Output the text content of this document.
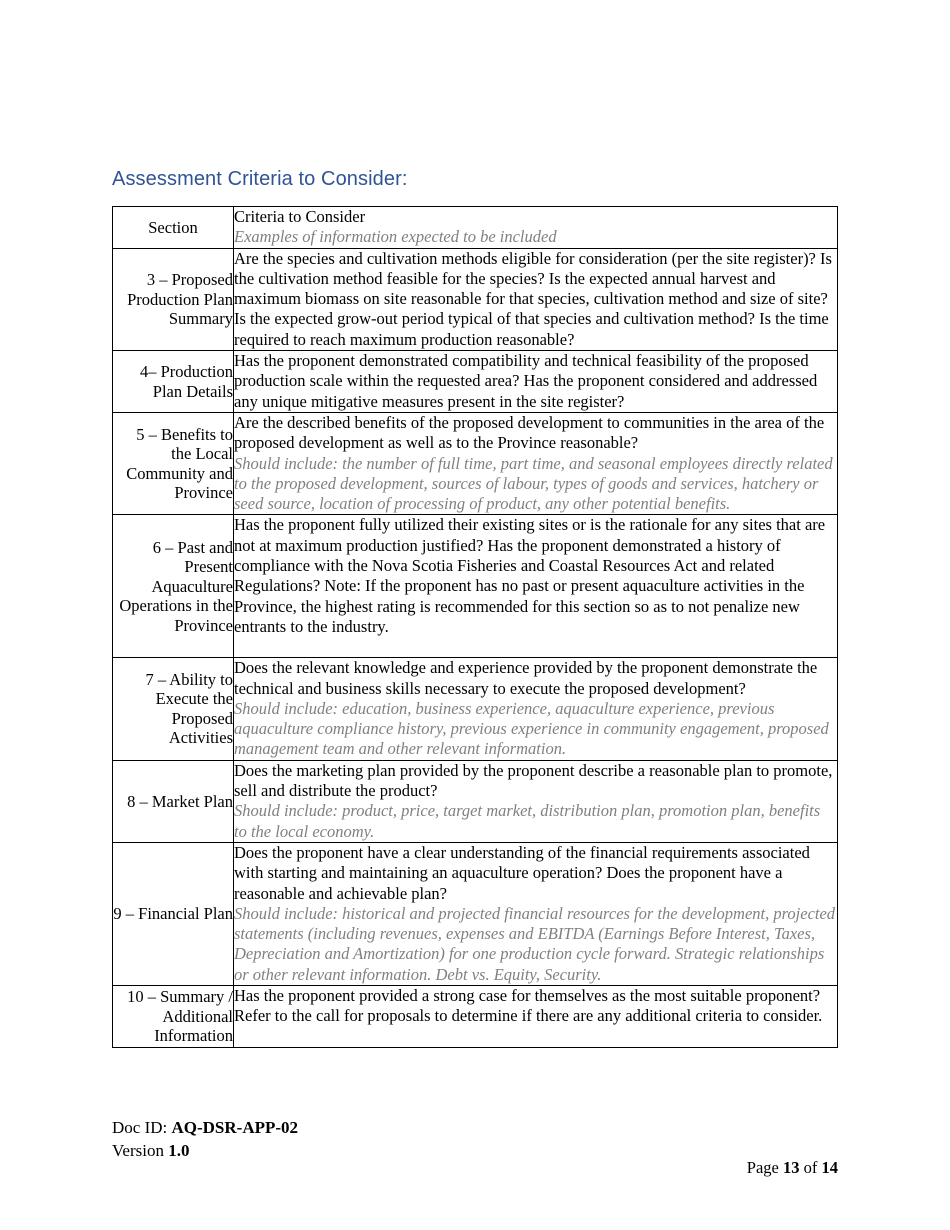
Assessment Criteria to Consider:
Section	Criteria to Consider

Examples of information expected to be included

3 – Proposed Production Plan Summary	Are the species and cultivation methods eligible for consideration (per the site register)? Is the cultivation method feasible for the species? Is the expected annual harvest and maximum biomass on site reasonable for that species, cultivation method and size of site? Is the expected grow-out period typical of that species and cultivation method? Is the time required to reach maximum production reasonable?

4– Production Plan Details	Has the proponent demonstrated compatibility and technical feasibility of the proposed production scale within the requested area? Has the proponent considered and addressed any unique mitigative measures present in the site register?

5 – Benefits to the Local Community and Province	Are the described benefits of the proposed development to communities in the area of the proposed development as well as to the Province reasonable?

Should include: the number of full time, part time, and seasonal employees directly related to the proposed development, sources of labour, types of goods and services, hatchery or seed source, location of processing of product, any other potential benefits.

6 – Past and Present Aquaculture Operations in the Province	Has the proponent fully utilized their existing sites or is the rationale for any sites that are not at maximum production justified? Has the proponent demonstrated a history of compliance with the Nova Scotia Fisheries and Coastal Resources Act and related Regulations? Note: If the proponent has no past or present aquaculture activities in the Province, the highest rating is recommended for this section so as to not penalize new entrants to the industry.

7 – Ability to Execute the Proposed Activities	Does the relevant knowledge and experience provided by the proponent demonstrate the technical and business skills necessary to execute the proposed development?

Should include: education, business experience, aquaculture experience, previous aquaculture compliance history, previous experience in community engagement, proposed management team and other relevant information.

8 – Market Plan	Does the marketing plan provided by the proponent describe a reasonable plan to promote, sell and distribute the product?

Should include: product, price, target market, distribution plan, promotion plan, benefits to the local economy.

9 – Financial Plan	Does the proponent have a clear understanding of the financial requirements associated with starting and maintaining an aquaculture operation? Does the proponent have a reasonable and achievable plan?

Should include: historical and projected financial resources for the development, projected statements (including revenues, expenses and EBITDA (Earnings Before Interest, Taxes, Depreciation and Amortization) for one production cycle forward. Strategic relationships or other relevant information. Debt vs. Equity, Security.

10 – Summary / Additional Information	Has the proponent provided a strong case for themselves as the most suitable proponent? Refer to the call for proposals to determine if there are any additional criteria to consider.

Doc ID: AQ-DSR-APP-02
Version 1.0
Page 13 of 14
